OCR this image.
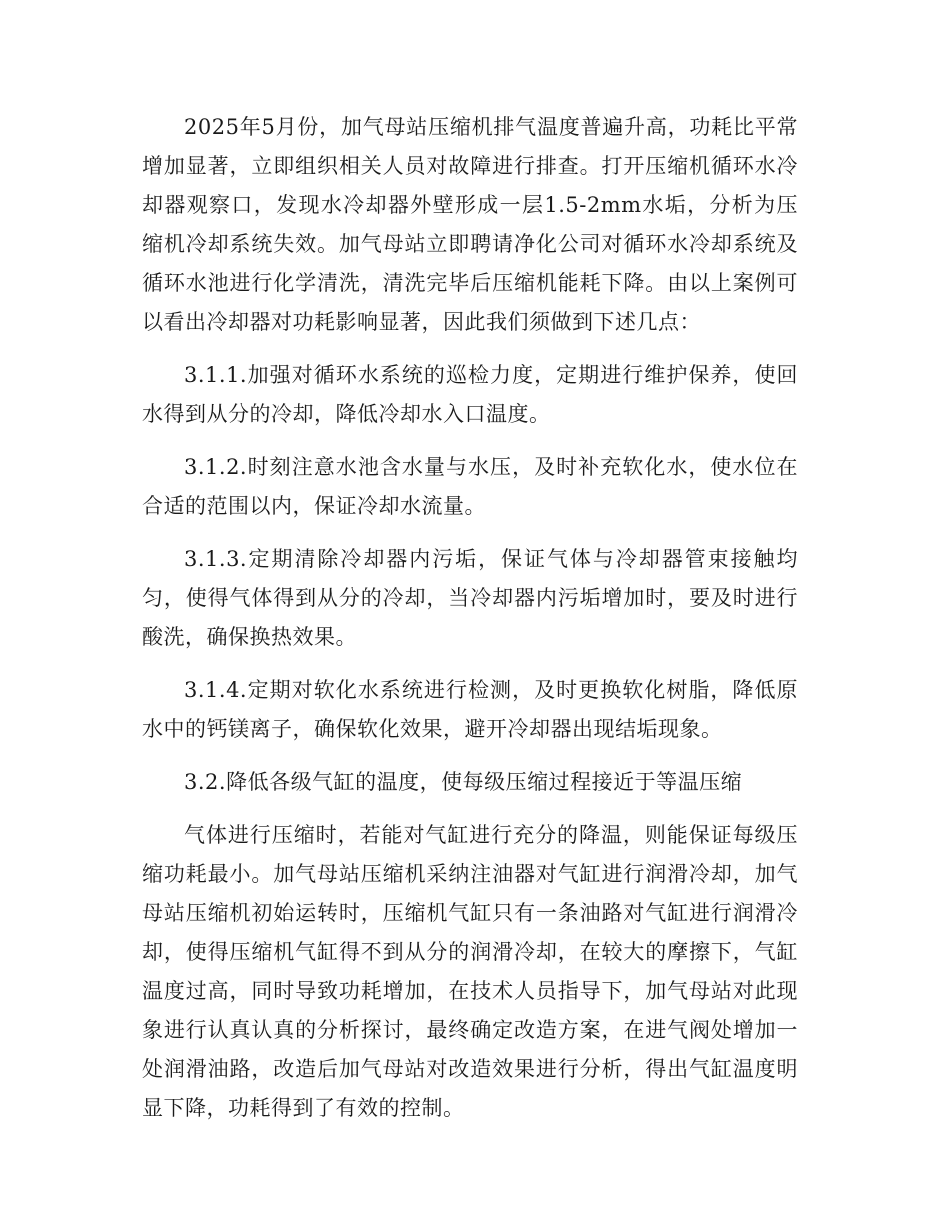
2025年5月份，加气母站压缩机排气温度普遍升高，功耗比平常增加显著，立即组织相关人员对故障进行排查。打开压缩机循环水冷却器观察口，发现水冷却器外壁形成一层1.5-2mm水垢，分析为压缩机冷却系统失效。加气母站立即聘请净化公司对循环水冷却系统及循环水池进行化学清洗，清洗完毕后压缩机能耗下降。由以上案例可以看出冷却器对功耗影响显著，因此我们须做到下述几点：

3.1.1.加强对循环水系统的巡检力度，定期进行维护保养，使回水得到从分的冷却，降低冷却水入口温度。

3.1.2.时刻注意水池含水量与水压，及时补充软化水，使水位在合适的范围以内，保证冷却水流量。

3.1.3.定期清除冷却器内污垢，保证气体与冷却器管束接触均匀，使得气体得到从分的冷却，当冷却器内污垢增加时，要及时进行酸洗，确保换热效果。

3.1.4.定期对软化水系统进行检测，及时更换软化树脂，降低原水中的钙镁离子，确保软化效果，避开冷却器出现结垢现象。

3.2.降低各级气缸的温度，使每级压缩过程接近于等温压缩

气体进行压缩时，若能对气缸进行充分的降温，则能保证每级压缩功耗最小。加气母站压缩机采纳注油器对气缸进行润滑冷却，加气母站压缩机初始运转时，压缩机气缸只有一条油路对气缸进行润滑冷却，使得压缩机气缸得不到从分的润滑冷却，在较大的摩擦下，气缸温度过高，同时导致功耗增加，在技术人员指导下，加气母站对此现象进行认真认真的分析探讨，最终确定改造方案，在进气阀处增加一处润滑油路，改造后加气母站对改造效果进行分析，得出气缸温度明显下降，功耗得到了有效的控制。
